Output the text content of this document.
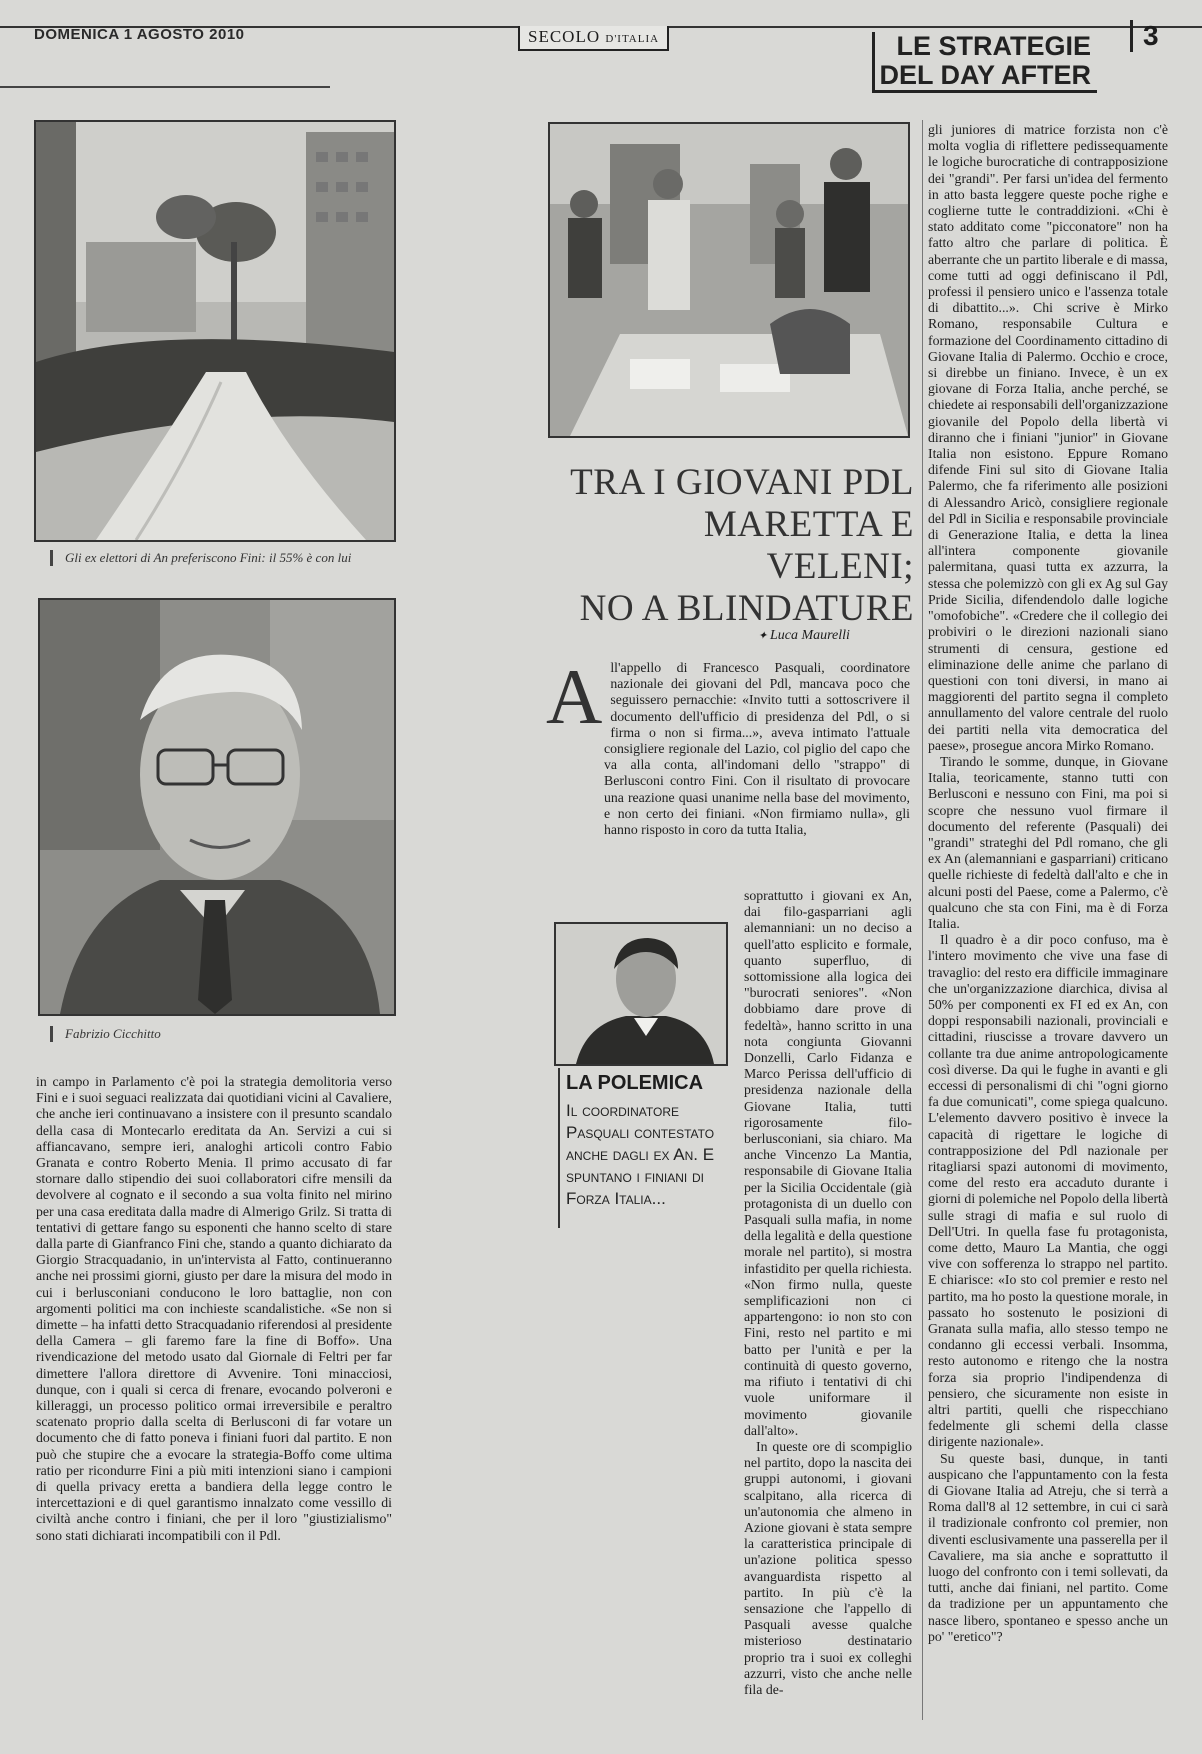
DOMENICA 1 AGOSTO 2010	SECOLO D'ITALIA	LE STRATEGIE
DEL DAY AFTER
3
Gli ex elettori di An preferiscono Fini: il 55% è con lui
Fabrizio Cicchitto

in campo in Parlamento c'è poi la strategia demolitoria verso Fini e i suoi seguaci realizzata dai quotidiani vicini al Cavaliere, che anche ieri continuavano a insistere con il presunto scandalo della casa di Montecarlo ereditata da An. Servizi a cui si affiancavano, sempre ieri, analoghi articoli contro Fabio Granata e contro Roberto Menia. Il primo accusato di far stornare dallo stipendio dei suoi collaboratori cifre mensili da devolvere al cognato e il secondo a sua volta finito nel mirino per una casa ereditata dalla madre di Almerigo Grilz. Si tratta di tentativi di gettare fango su esponenti che hanno scelto di stare dalla parte di Gianfranco Fini che, stando a quanto dichiarato da Giorgio Stracquadanio, in un'intervista al Fatto, continueranno anche nei prossimi giorni, giusto per dare la misura del modo in cui i berlusconiani conducono le loro battaglie, non con argomenti politici ma con inchieste scandalistiche. «Se non si dimette – ha infatti detto Stracquadanio riferendosi al presidente della Camera – gli faremo fare la fine di Boffo». Una rivendicazione del metodo usato dal Giornale di Feltri per far dimettere l'allora direttore di Avvenire. Toni minacciosi, dunque, con i quali si cerca di frenare, evocando polveroni e killeraggi, un processo politico ormai irreversibile e peraltro scatenato proprio dalla scelta di Berlusconi di far votare un documento che di fatto poneva i finiani fuori dal partito. E non può che stupire che a evocare la strategia-Boffo come ultima ratio per ricondurre Fini a più miti intenzioni siano i campioni di quella privacy eretta a bandiera della legge contro le intercettazioni e di quel garantismo innalzato come vessillo di civiltà anche contro i finiani, che per il loro "giustizialismo" sono stati dichiarati incompatibili con il Pdl.

TRA I GIOVANI PDL
MARETTA E VELENI;
NO A BLINDATURE
✦ Luca Maurelli
A ll'appello di Francesco Pasquali, coordinatore nazionale dei giovani del Pdl, mancava poco che seguissero pernacchie: «Invito tutti a sottoscrivere il documento dell'ufficio di presidenza del Pdl, o si firma o non si firma...», aveva intimato l'attuale consigliere regionale del Lazio, col piglio del capo che va alla conta, all'indomani dello "strappo" di Berlusconi contro Fini. Con il risultato di provocare una reazione quasi unanime nella base del movimento, e non certo dei finiani. «Non firmiamo nulla», gli hanno risposto in coro da tutta Italia,

LA POLEMICA
Il coordinatore Pasquali contestato anche dagli ex An. E spuntano i finiani di Forza Italia...

soprattutto i giovani ex An, dai filo-gasparriani agli alemanniani: un no deciso a quell'atto esplicito e formale, quanto superfluo, di sottomissione alla logica dei "burocrati seniores". «Non dobbiamo dare prove di fedeltà», hanno scritto in una nota congiunta Giovanni Donzelli, Carlo Fidanza e Marco Perissa dell'ufficio di presidenza nazionale della Giovane Italia, tutti rigorosamente filo-berlusconiani, sia chiaro. Ma anche Vincenzo La Mantia, responsabile di Giovane Italia per la Sicilia Occidentale (già protagonista di un duello con Pasquali sulla mafia, in nome della legalità e della questione morale nel partito), si mostra infastidito per quella richiesta. «Non firmo nulla, queste semplificazioni non ci appartengono: io non sto con Fini, resto nel partito e mi batto per l'unità e per la continuità di questo governo, ma rifiuto i tentativi di chi vuole uniformare il movimento giovanile dall'alto».

In queste ore di scompiglio nel partito, dopo la nascita dei gruppi autonomi, i giovani scalpitano, alla ricerca di un'autonomia che almeno in Azione giovani è stata sempre la caratteristica principale di un'azione politica spesso avanguardista rispetto al partito. In più c'è la sensazione che l'appello di Pasquali avesse qualche misterioso destinatario proprio tra i suoi ex colleghi azzurri, visto che anche nelle fila de-

gli juniores di matrice forzista non c'è molta voglia di riflettere pedissequamente le logiche burocratiche di contrapposizione dei "grandi". Per farsi un'idea del fermento in atto basta leggere queste poche righe e coglierne tutte le contraddizioni. «Chi è stato additato come "picconatore" non ha fatto altro che parlare di politica. È aberrante che un partito liberale e di massa, come tutti ad oggi definiscano il Pdl, professi il pensiero unico e l'assenza totale di dibattito...». Chi scrive è Mirko Romano, responsabile Cultura e formazione del Coordinamento cittadino di Giovane Italia di Palermo. Occhio e croce, si direbbe un finiano. Invece, è un ex giovane di Forza Italia, anche perché, se chiedete ai responsabili dell'organizzazione giovanile del Popolo della libertà vi diranno che i finiani "junior" in Giovane Italia non esistono. Eppure Romano difende Fini sul sito di Giovane Italia Palermo, che fa riferimento alle posizioni di Alessandro Aricò, consigliere regionale del Pdl in Sicilia e responsabile provinciale di Generazione Italia, e detta la linea all'intera componente giovanile palermitana, quasi tutta ex azzurra, la stessa che polemizzò con gli ex Ag sul Gay Pride Sicilia, difendendolo dalle logiche "omofobiche". «Credere che il collegio dei probiviri o le direzioni nazionali siano strumenti di censura, gestione ed eliminazione delle anime che parlano di questioni con toni diversi, in mano ai maggiorenti del partito segna il completo annullamento del valore centrale del ruolo dei partiti nella vita democratica del paese», prosegue ancora Mirko Romano.

Tirando le somme, dunque, in Giovane Italia, teoricamente, stanno tutti con Berlusconi e nessuno con Fini, ma poi si scopre che nessuno vuol firmare il documento del referente (Pasquali) dei "grandi" strateghi del Pdl romano, che gli ex An (alemanniani e gasparriani) criticano quelle richieste di fedeltà dall'alto e che in alcuni posti del Paese, come a Palermo, c'è qualcuno che sta con Fini, ma è di Forza Italia.

Il quadro è a dir poco confuso, ma è l'intero movimento che vive una fase di travaglio: del resto era difficile immaginare che un'organizzazione diarchica, divisa al 50% per componenti ex FI ed ex An, con doppi responsabili nazionali, provinciali e cittadini, riuscisse a trovare davvero un collante tra due anime antropologicamente così diverse. Da qui le fughe in avanti e gli eccessi di personalismi di chi "ogni giorno fa due comunicati", come spiega qualcuno. L'elemento davvero positivo è invece la capacità di rigettare le logiche di contrapposizione del Pdl nazionale per ritagliarsi spazi autonomi di movimento, come del resto era accaduto durante i giorni di polemiche nel Popolo della libertà sulle stragi di mafia e sul ruolo di Dell'Utri. In quella fase fu protagonista, come detto, Mauro La Mantia, che oggi vive con sofferenza lo strappo nel partito. E chiarisce: «Io sto col premier e resto nel partito, ma ho posto la questione morale, in passato ho sostenuto le posizioni di Granata sulla mafia, allo stesso tempo ne condanno gli eccessi verbali. Insomma, resto autonomo e ritengo che la nostra forza sia proprio l'indipendenza di pensiero, che sicuramente non esiste in altri partiti, quelli che rispecchiano fedelmente gli schemi della classe dirigente nazionale».

Su queste basi, dunque, in tanti auspicano che l'appuntamento con la festa di Giovane Italia ad Atreju, che si terrà a Roma dall'8 al 12 settembre, in cui ci sarà il tradizionale confronto col premier, non diventi esclusivamente una passerella per il Cavaliere, ma sia anche e soprattutto il luogo del confronto con i temi sollevati, da tutti, anche dai finiani, nel partito. Come da tradizione per un appuntamento che nasce libero, spontaneo e spesso anche un po' "eretico"?
